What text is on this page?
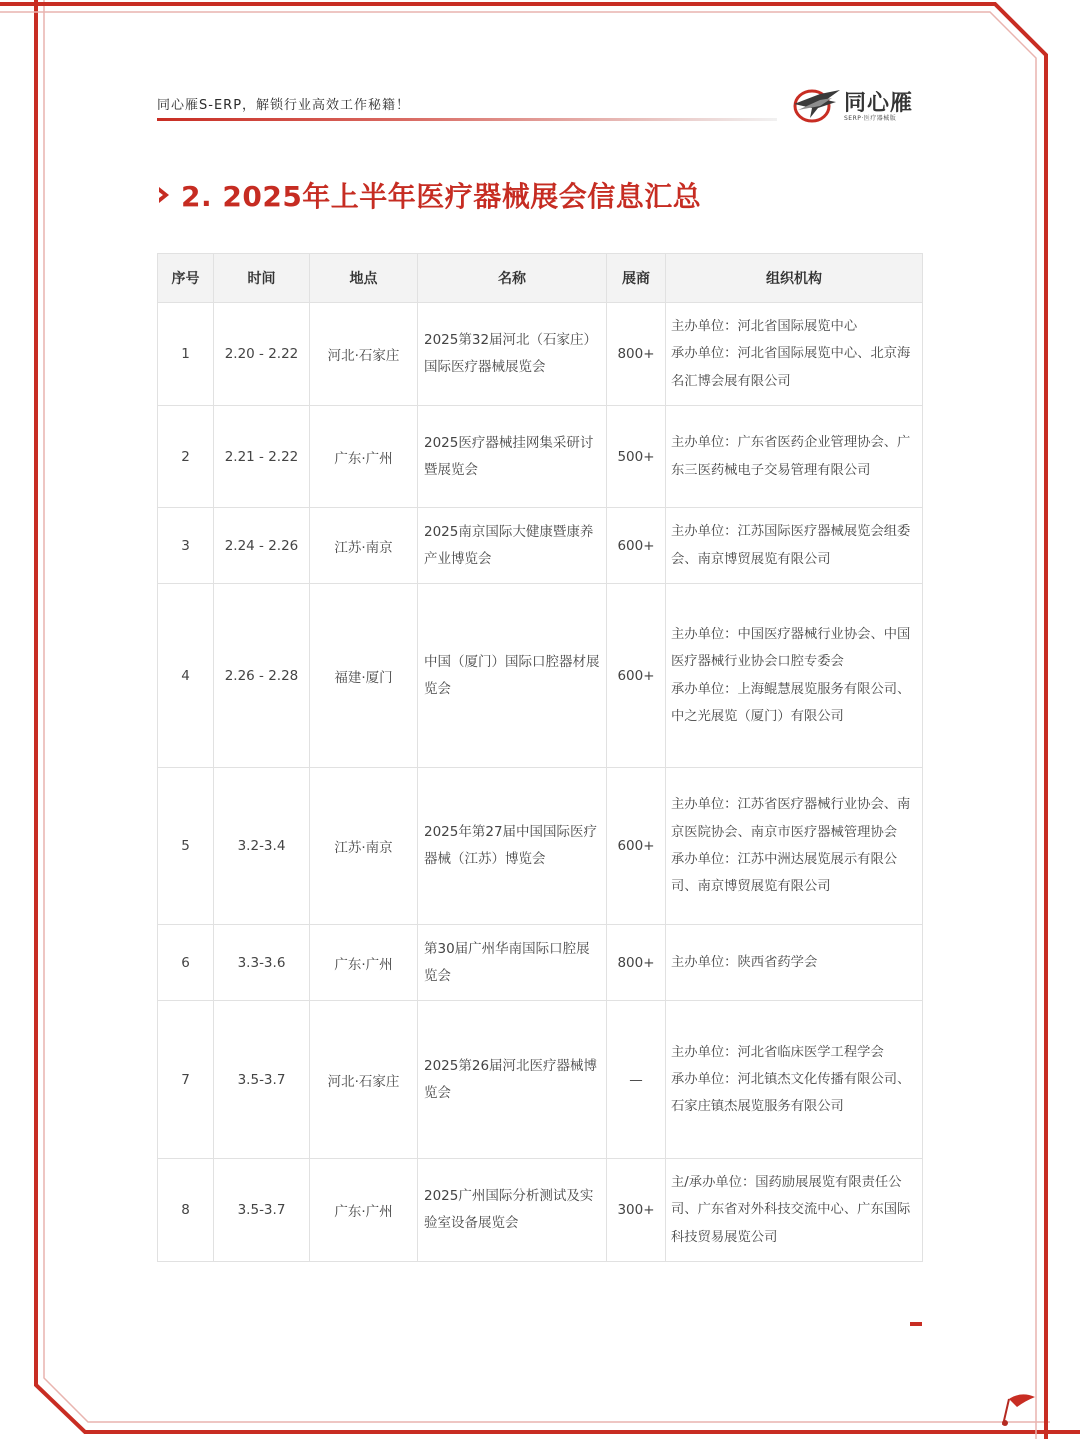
同心雁S-ERP，解锁行业高效工作秘籍！	同心雁
SERP·医疗器械版
2. 2025年上半年医疗器械展会信息汇总
序号	时间	地点	名称	展商	组织机构
1	2.20 - 2.22	河北·石家庄	2025第32届河北（石家庄）国际医疗器械展览会	800+	主办单位：河北省国际展览中心
承办单位：河北省国际展览中心、北京海名汇博会展有限公司

2	2.21 - 2.22	广东·广州	2025医疗器械挂网集采研讨暨展览会	500+	主办单位：广东省医药企业管理协会、广东三医药械电子交易管理有限公司

3	2.24 - 2.26	江苏·南京	2025南京国际大健康暨康养产业博览会	600+	主办单位：江苏国际医疗器械展览会组委会、南京博贸展览有限公司

4	2.26 - 2.28	福建·厦门	中国（厦门）国际口腔器材展览会	600+	主办单位：中国医疗器械行业协会、中国医疗器械行业协会口腔专委会
承办单位：上海鲲慧展览服务有限公司、中之光展览（厦门）有限公司

5	3.2-3.4	江苏·南京	2025年第27届中国国际医疗器械（江苏）博览会	600+	主办单位：江苏省医疗器械行业协会、南京医院协会、南京市医疗器械管理协会
承办单位：江苏中洲达展览展示有限公司、南京博贸展览有限公司

6	3.3-3.6	广东·广州	第30届广州华南国际口腔展览会	800+	主办单位：陕西省药学会

7	3.5-3.7	河北·石家庄	2025第26届河北医疗器械博览会	—	主办单位：河北省临床医学工程学会
承办单位：河北镇杰文化传播有限公司、石家庄镇杰展览服务有限公司

8	3.5-3.7	广东·广州	2025广州国际分析测试及实验室设备展览会	300+	主/承办单位：国药励展展览有限责任公司、广东省对外科技交流中心、广东国际科技贸易展览公司
